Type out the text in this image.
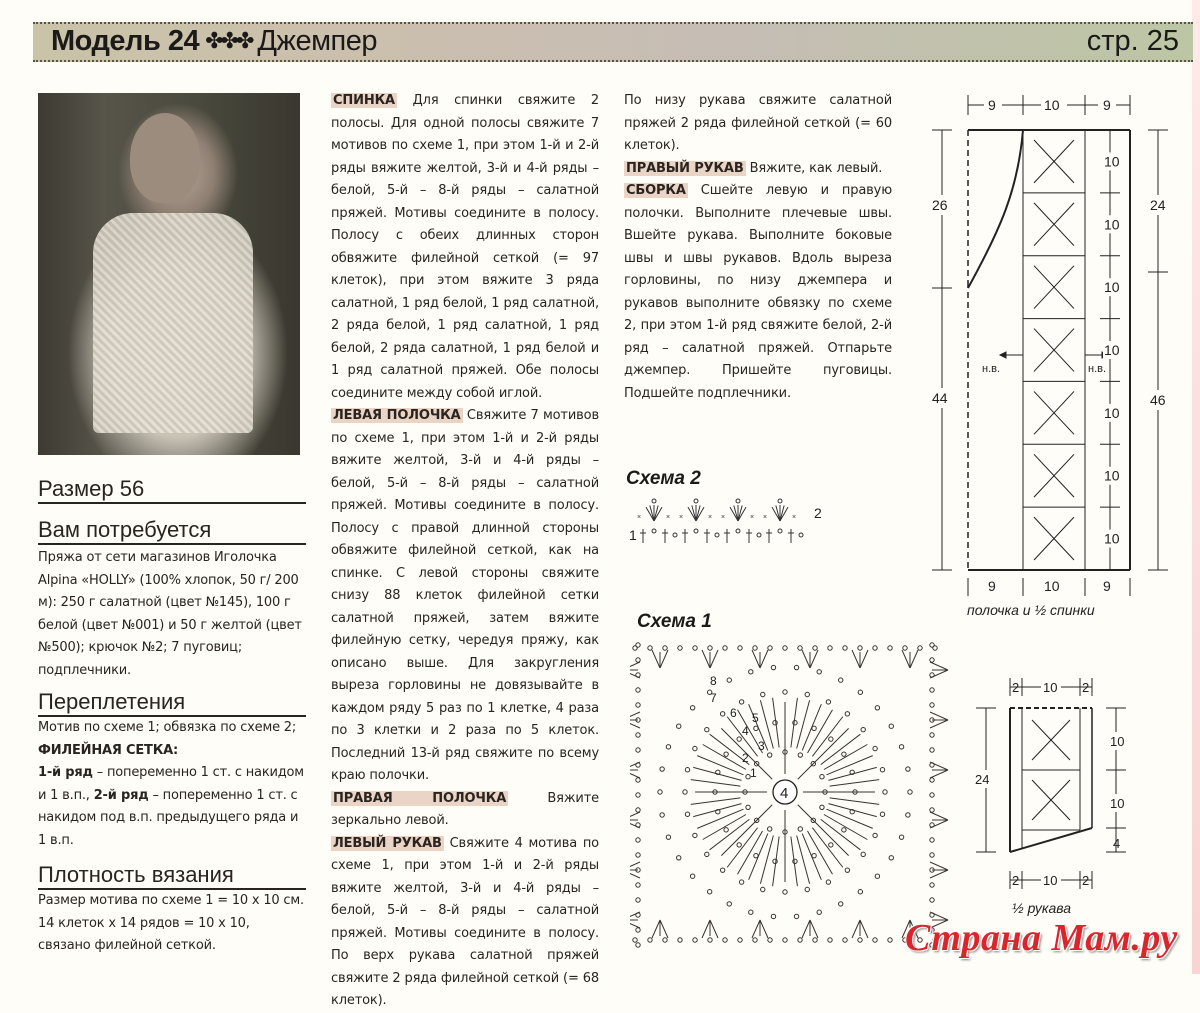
Модель 24 ✤✤✤ Джемпер	стр. 25
Размер 56
Вам потребуется

Пряжа от сети магазинов Иголочка Alpina «HOLLY» (100% хлопок, 50 г/ 200 м): 250 г салатной (цвет №145), 100 г белой (цвет №001) и 50 г желтой (цвет №500); крючок №2; 7 пуговиц; подплечники.

Переплетения

Мотив по схеме 1; обвязка по схеме 2;
ФИЛЕЙНАЯ СЕТКА:
1-й ряд – попеременно 1 ст. с накидом и 1 в.п., 2-й ряд – попеременно 1 ст. с накидом под в.п. предыдущего ряда и 1 в.п.

Плотность вязания

Размер мотива по схеме 1 = 10 х 10 см. 14 клеток х 14 рядов = 10 х 10, связано филейной сеткой.

СПИНКА Для спинки свяжите 2 полосы. Для одной полосы свяжите 7 мотивов по схеме 1, при этом 1-й и 2-й ряды вяжите желтой, 3-й и 4-й ряды – белой, 5-й – 8-й ряды – салатной пряжей. Мотивы соедините в полосу. Полосу с обеих длинных сторон обвяжите филейной сеткой (= 97 клеток), при этом вяжите 3 ряда салатной, 1 ряд белой, 1 ряд салатной, 2 ряда белой, 1 ряд салатной, 1 ряд белой, 2 ряда салатной, 1 ряд белой и 1 ряд салатной пряжей. Обе полосы соедините между собой иглой.

ЛЕВАЯ ПОЛОЧКА Свяжите 7 мотивов по схеме 1, при этом 1-й и 2-й ряды вяжите желтой, 3-й и 4-й ряды – белой, 5-й – 8-й ряды – салатной пряжей. Мотивы соедините в полосу. Полосу с правой длинной стороны обвяжите филейной сеткой, как на спинке. С левой стороны свяжите снизу 88 клеток филейной сетки салатной пряжей, затем вяжите филейную сетку, чередуя пряжу, как описано выше. Для закругления выреза горловины не довязывайте в каждом ряду 5 раз по 1 клетке, 4 раза по 3 клетки и 2 раза по 5 клеток. Последний 13-й ряд свяжите по всему краю полочки.

ПРАВАЯ ПОЛОЧКА Вяжите зеркально левой.

ЛЕВЫЙ РУКАВ Свяжите 4 мотива по схеме 1, при этом 1-й и 2-й ряды вяжите желтой, 3-й и 4-й ряды – белой, 5-й – 8-й ряды – салатной пряжей. Мотивы соедините в полосу. По верх рукава салатной пряжей свяжите 2 ряда филейной сеткой (= 68 клеток).

По низу рукава свяжите салатной пряжей 2 ряда филейной сеткой (= 60 клеток).

ПРАВЫЙ РУКАВ Вяжите, как левый.

СБОРКА Сшейте левую и правую полочки. Выполните плечевые швы. Вшейте рукава. Выполните боковые швы и швы рукавов. Вдоль выреза горловины, по низу джемпера и рукавов выполните обвязку по схеме 2, при этом 1-й ряд свяжите белой, 2-й ряд – салатной пряжей. Отпарьте джемпер. Пришейте пуговицы. Подшейте подплечники.

Схема 2
×	× ×	× ×	× ×	×
1
2
Схема 1
1
2
3
4
5
6
7
8
4
9	10	9
26
44
24
46
н.в.	н.в.
10
10
10
10
10
10
10
9	10	9
полочка и ½ спинки
2 10 2
24
10
10
4
2 10 2
½ рукава
Страна Мам.ру
